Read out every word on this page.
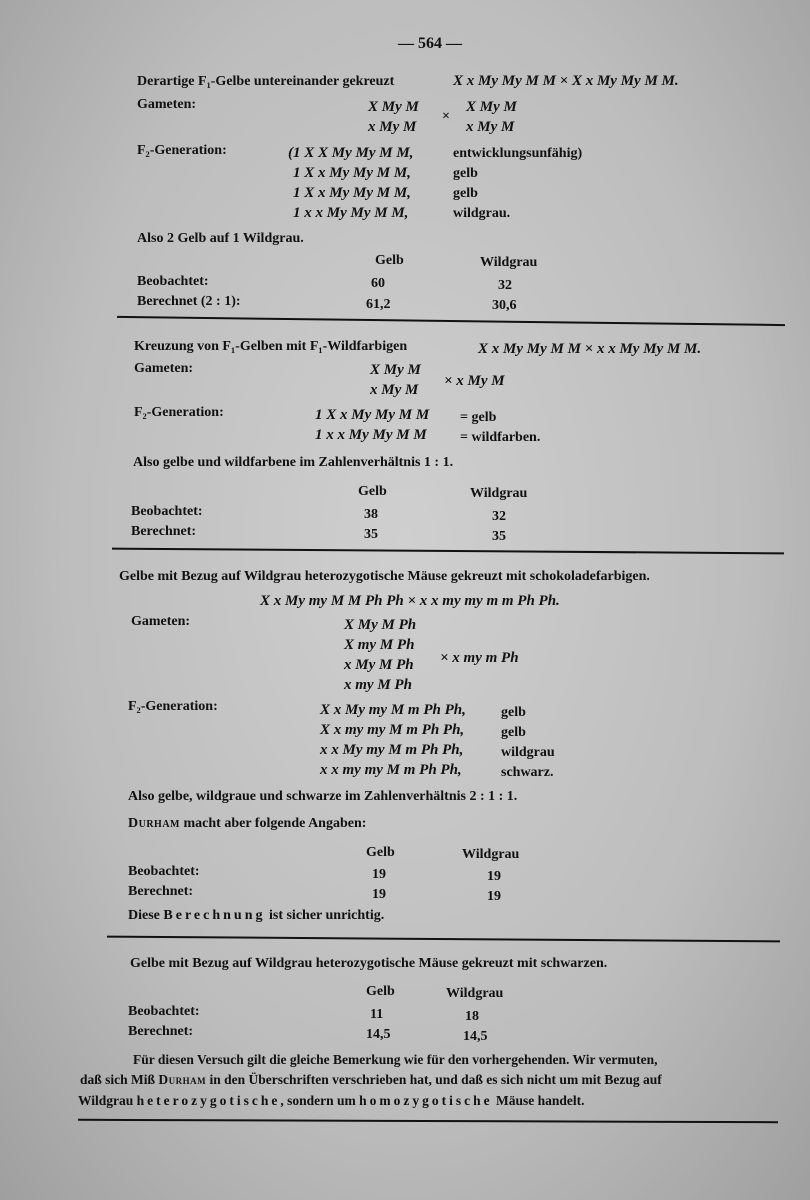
— 564 —
Derartige F₁-Gelbe untereinander gekreuzt	X x My My M M × X x My My M M.
Gameten:	X My M
x My M
×
X My M
x My M
F₂-Generation:	(1 X X My My M M,	entwicklungsunfähig)
1 X x My My M M,	gelb
1 X x My My M M,	gelb
1 x x My My M M,	wildgrau.
Also 2 Gelb auf 1 Wildgrau.
Gelb	Wildgrau
Beobachtet:	60	32
Berechnet (2 : 1):	61,2	30,6
Kreuzung von F₁-Gelben mit F₁-Wildfarbigen	X x My My M M × x x My My M M.
Gameten:	X My M
x My M
× x My M
F₂-Generation:	1 X x My My M M = gelb
1 x x My My M M = wildfarben.
Also gelbe und wildfarbene im Zahlenverhältnis 1 : 1.
Gelb	Wildgrau
Beobachtet:	38	32
Berechnet:	35	35
Gelbe mit Bezug auf Wildgrau heterozygotische Mäuse gekreuzt mit schokoladefarbigen.
X x My my M M Ph Ph × x x my my m m Ph Ph.
Gameten:	X My M Ph
X my M Ph
x My M Ph
x my M Ph
× x my m Ph
F₂-Generation:	X x My my M m Ph Ph,	gelb
X x my my M m Ph Ph,	gelb
x x My my M m Ph Ph,	wildgrau
x x my my M m Ph Ph,	schwarz.
Also gelbe, wildgraue und schwarze im Zahlenverhältnis 2 : 1 : 1.
Durham macht aber folgende Angaben:
Gelb	Wildgrau
Beobachtet:	19	19
Berechnet:	19	19
Diese Berechnung ist sicher unrichtig.
Gelbe mit Bezug auf Wildgrau heterozygotische Mäuse gekreuzt mit schwarzen.
Gelb	Wildgrau
Beobachtet:	11	18
Berechnet:	14,5	14,5
Für diesen Versuch gilt die gleiche Bemerkung wie für den vorhergehenden. Wir vermuten,
daß sich Miß Durham in den Überschriften verschrieben hat, und daß es sich nicht um mit Bezug auf
Wildgrau heterozygotische, sondern um homozygotische Mäuse handelt.
